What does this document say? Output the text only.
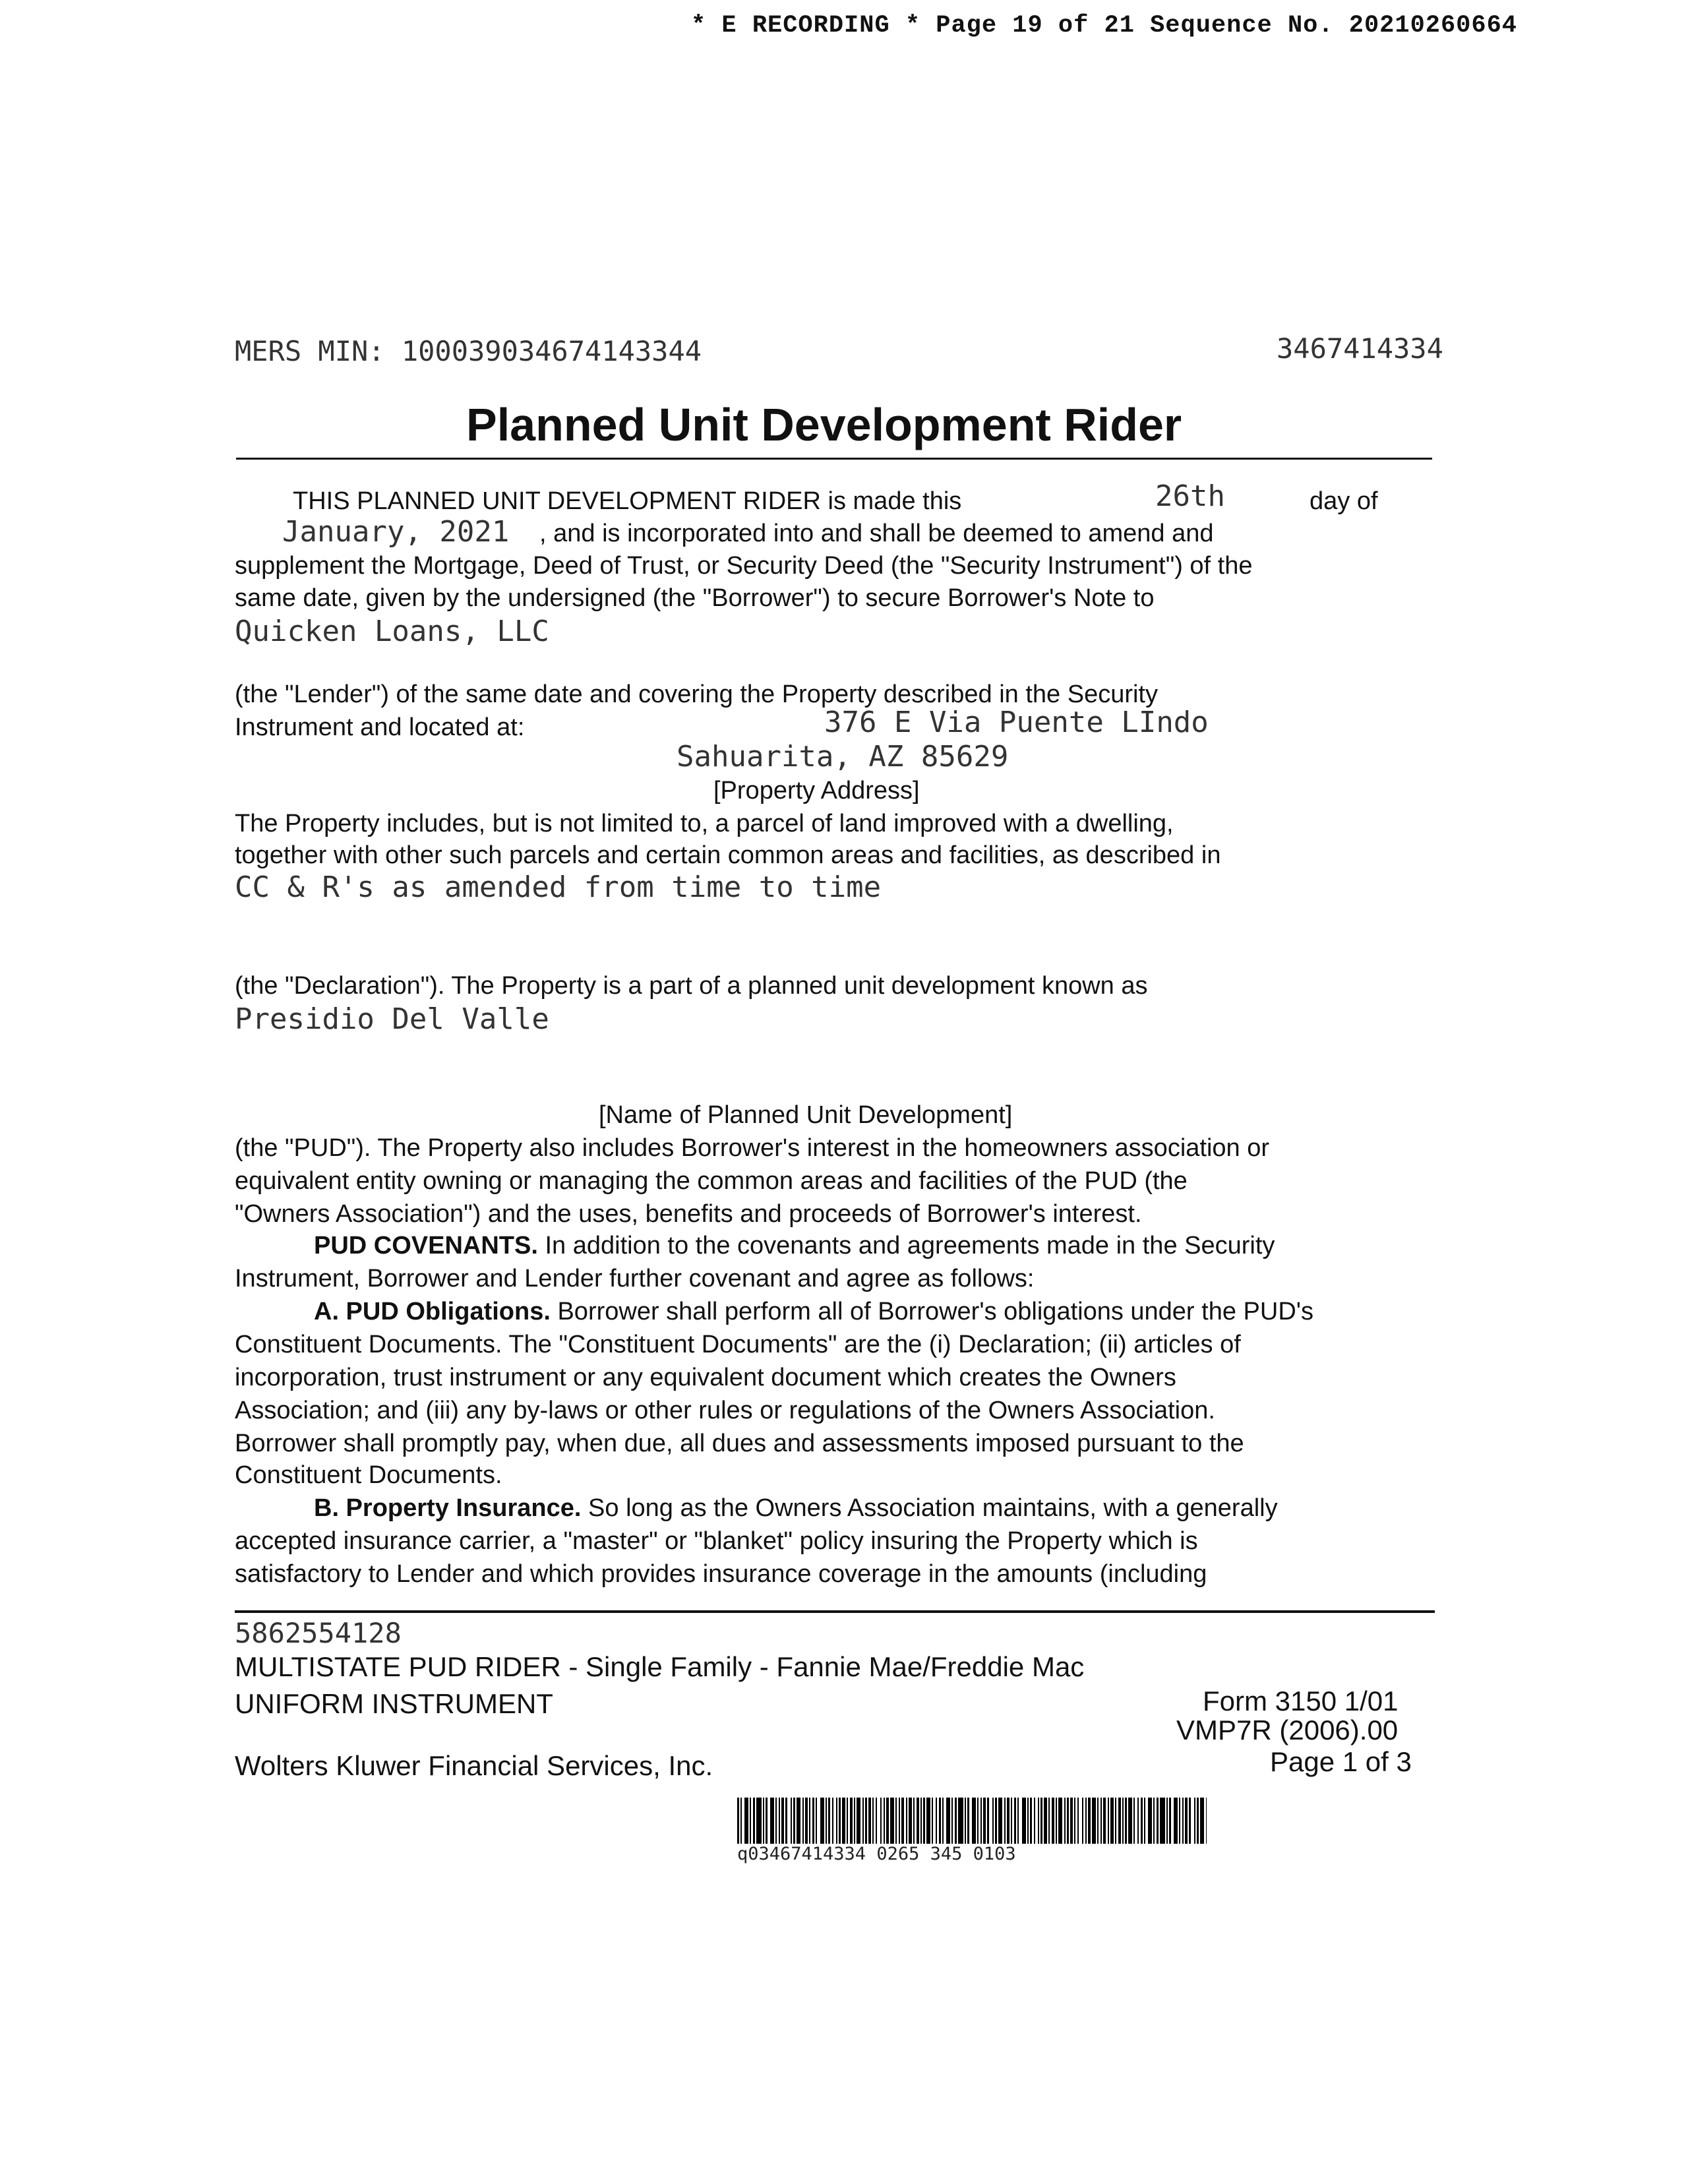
* E RECORDING * Page 19 of 21 Sequence No. 20210260664
MERS MIN: 100039034674143344	3467414334
Planned Unit Development Rider
THIS PLANNED UNIT DEVELOPMENT RIDER is made this	26th	day of
January, 2021 , and is incorporated into and shall be deemed to amend and
supplement the Mortgage, Deed of Trust, or Security Deed (the "Security Instrument") of the
same date, given by the undersigned (the "Borrower") to secure Borrower's Note to
Quicken Loans, LLC
(the "Lender") of the same date and covering the Property described in the Security
Instrument and located at:	376 E Via Puente LIndo
Sahuarita, AZ 85629
[Property Address]
The Property includes, but is not limited to, a parcel of land improved with a dwelling,
together with other such parcels and certain common areas and facilities, as described in
CC & R's as amended from time to time
(the "Declaration"). The Property is a part of a planned unit development known as
Presidio Del Valle
[Name of Planned Unit Development]
(the "PUD"). The Property also includes Borrower's interest in the homeowners association or
equivalent entity owning or managing the common areas and facilities of the PUD (the
"Owners Association") and the uses, benefits and proceeds of Borrower's interest.
PUD COVENANTS. In addition to the covenants and agreements made in the Security
Instrument, Borrower and Lender further covenant and agree as follows:
A. PUD Obligations. Borrower shall perform all of Borrower's obligations under the PUD's
Constituent Documents. The "Constituent Documents" are the (i) Declaration; (ii) articles of
incorporation, trust instrument or any equivalent document which creates the Owners
Association; and (iii) any by-laws or other rules or regulations of the Owners Association.
Borrower shall promptly pay, when due, all dues and assessments imposed pursuant to the
Constituent Documents.
B. Property Insurance. So long as the Owners Association maintains, with a generally
accepted insurance carrier, a "master" or "blanket" policy insuring the Property which is
satisfactory to Lender and which provides insurance coverage in the amounts (including
5862554128
MULTISTATE PUD RIDER - Single Family - Fannie Mae/Freddie Mac
UNIFORM INSTRUMENT	Form 3150 1/01
VMP7R (2006).00
Wolters Kluwer Financial Services, Inc.	Page 1 of 3
q03467414334 0265 345 0103
